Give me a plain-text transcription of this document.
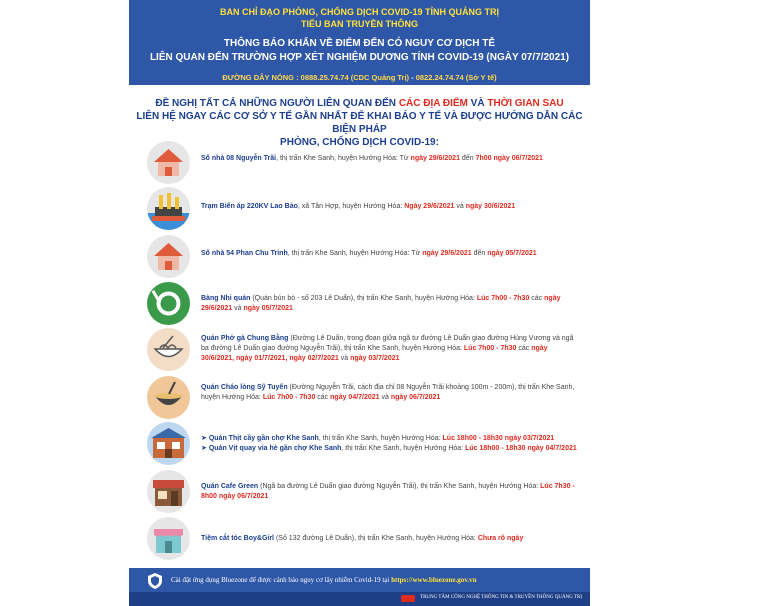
BAN CHỈ ĐẠO PHÒNG, CHỐNG DỊCH COVID-19 TỈNH QUẢNG TRỊ
TIỂU BAN TRUYỀN THÔNG
THÔNG BÁO KHẨN VỀ ĐIỂM ĐẾN CÓ NGUY CƠ DỊCH TỄ
LIÊN QUAN ĐẾN TRƯỜNG HỢP XÉT NGHIỆM DƯƠNG TÍNH COVID-19 (NGÀY 07/7/2021)
ĐƯỜNG DÂY NÓNG : 0888.25.74.74 (CDC Quảng Trị) - 0822.24.74.74 (Sở Y tế)
ĐỀ NGHỊ TẤT CẢ NHỮNG NGƯỜI LIÊN QUAN ĐẾN CÁC ĐỊA ĐIỂM VÀ THỜI GIAN SAU
LIÊN HỆ NGAY CÁC CƠ SỞ Y TẾ GẦN NHẤT ĐỂ KHAI BÁO Y TẾ VÀ ĐƯỢC HƯỚNG DẪN CÁC BIỆN PHÁP
PHÒNG, CHỐNG DỊCH COVID-19:
Số nhà 08 Nguyễn Trãi, thị trấn Khe Sanh, huyện Hướng Hóa: Từ ngày 29/6/2021 đến 7h00 ngày 06/7/2021
Trạm Biến áp 220KV Lao Bảo, xã Tân Hợp, huyện Hướng Hóa: Ngày 29/6/2021 và ngày 30/6/2021
Số nhà 54 Phan Chu Trinh, thị trấn Khe Sanh, huyện Hướng Hóa: Từ ngày 29/6/2021 đến ngày 05/7/2021
Bàng Nhi quán (Quán bún bò - số 203 Lê Duẩn), thị trấn Khe Sanh, huyện Hướng Hóa: Lúc 7h00 - 7h30 các ngày 29/6/2021 và ngày 05/7/2021
Quán Phở gà Chung Bằng (Đường Lê Duẩn, trong đoạn giữa ngã tư đường Lê Duẩn giao đường Hùng Vương và ngã ba đường Lê Duẩn giao đường Nguyễn Trãi), thị trấn Khe Sanh, huyện Hướng Hóa: Lúc 7h00 - 7h30 các ngày 30/6/2021, ngày 01/7/2021, ngày 02/7/2021 và ngày 03/7/2021
Quán Cháo lòng Sỹ Tuyến (Đường Nguyễn Trãi, cách địa chỉ 08 Nguyễn Trãi khoảng 100m - 200m), thị trấn Khe Sanh, huyện Hướng Hóa: Lúc 7h00 - 7h30 các ngày 04/7/2021 và ngày 06/7/2021
➤ Quán Thịt cầy gần chợ Khe Sanh, thị trấn Khe Sanh, huyện Hướng Hóa: Lúc 18h00 - 18h30 ngày 03/7/2021
➤ Quán Vịt quay vỉa hè gần chợ Khe Sanh, thị trấn Khe Sanh, huyện Hướng Hóa: Lúc 18h00 - 18h30 ngày 04/7/2021
Quán Cafe Green (Ngã ba đường Lê Duẩn giao đường Nguyễn Trãi), thị trấn Khe Sanh, huyện Hướng Hóa: Lúc 7h30 - 8h00 ngày 06/7/2021
Tiệm cắt tóc Boy&Girl (Số 132 đường Lê Duẩn), thị trấn Khe Sanh, huyện Hướng Hóa: Chưa rõ ngày
Cài đặt ứng dụng Bluezone để được cảnh báo nguy cơ lây nhiễm Covid-19 tại https://www.bluezone.gov.vn
TRUNG TÂM CÔNG NGHỆ THÔNG TIN & TRUYỀN THÔNG QUẢNG TRỊ
